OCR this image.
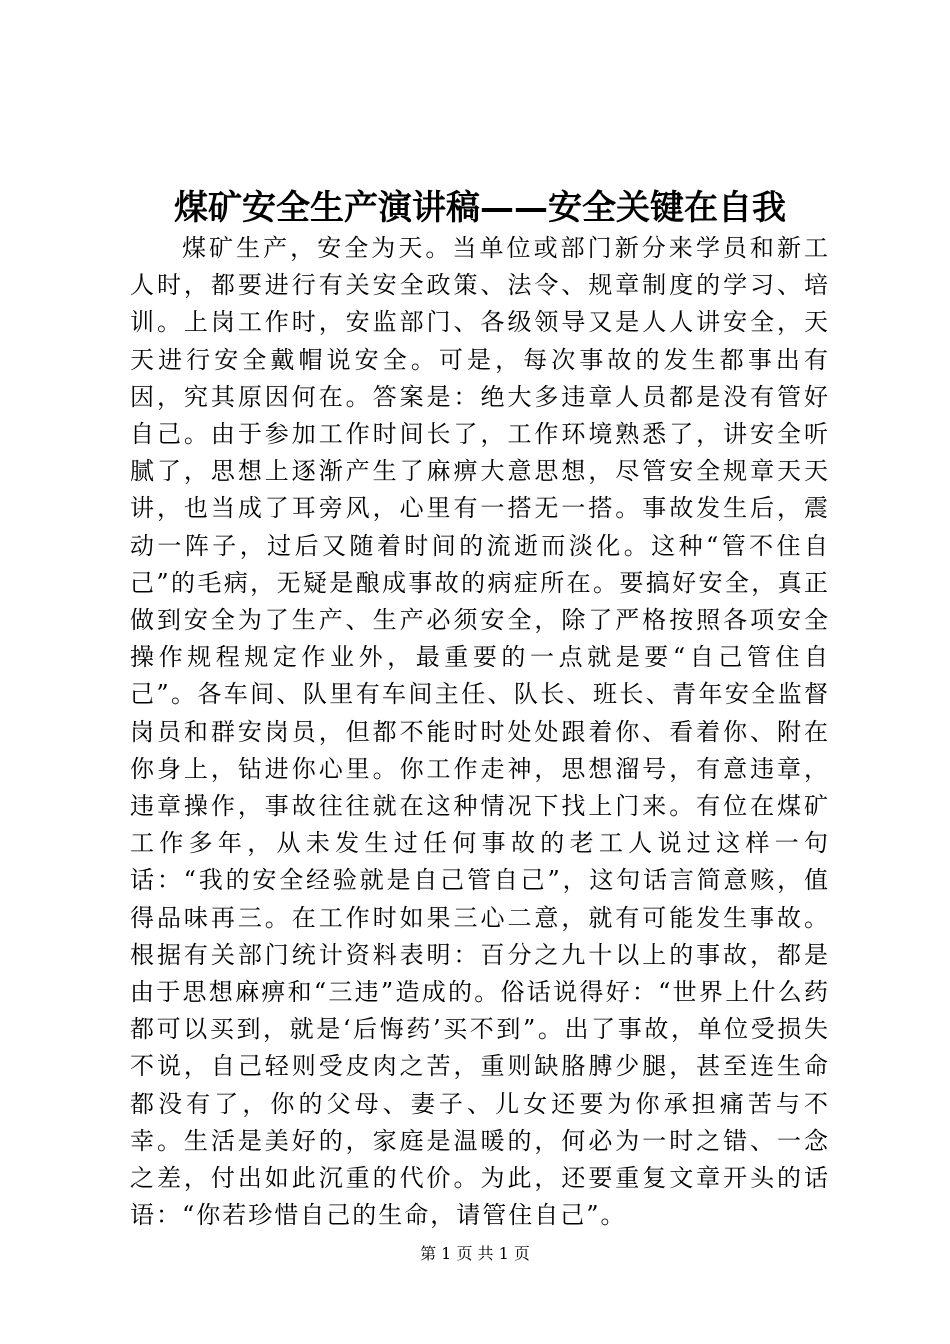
煤矿安全生产演讲稿——安全关键在自我

煤矿生产，安全为天。当单位或部门新分来学员和新工人时，都要进行有关安全政策、法令、规章制度的学习、培训。上岗工作时，安监部门、各级领导又是人人讲安全，天天进行安全戴帽说安全。可是，每次事故的发生都事出有因，究其原因何在。答案是：绝大多违章人员都是没有管好自己。由于参加工作时间长了，工作环境熟悉了，讲安全听腻了，思想上逐渐产生了麻痹大意思想，尽管安全规章天天讲，也当成了耳旁风，心里有一搭无一搭。事故发生后，震动一阵子，过后又随着时间的流逝而淡化。这种“管不住自己”的毛病，无疑是酿成事故的病症所在。要搞好安全，真正做到安全为了生产、生产必须安全，除了严格按照各项安全操作规程规定作业外，最重要的一点就是要“自己管住自己”。各车间、队里有车间主任、队长、班长、青年安全监督岗员和群安岗员，但都不能时时处处跟着你、看着你、附在你身上，钻进你心里。你工作走神，思想溜号，有意违章，违章操作，事故往往就在这种情况下找上门来。有位在煤矿工作多年，从未发生过任何事故的老工人说过这样一句话：“我的安全经验就是自己管自己”，这句话言简意赅，值得品味再三。在工作时如果三心二意，就有可能发生事故。根据有关部门统计资料表明：百分之九十以上的事故，都是由于思想麻痹和“三违”造成的。俗话说得好：“世界上什么药都可以买到，就是‘后悔药’买不到”。出了事故，单位受损失不说，自己轻则受皮肉之苦，重则缺胳膊少腿，甚至连生命都没有了，你的父母、妻子、儿女还要为你承担痛苦与不幸。生活是美好的，家庭是温暖的，何必为一时之错、一念之差，付出如此沉重的代价。为此，还要重复文章开头的话语：“你若珍惜自己的生命，请管住自己”。

第 1 页 共 1 页
